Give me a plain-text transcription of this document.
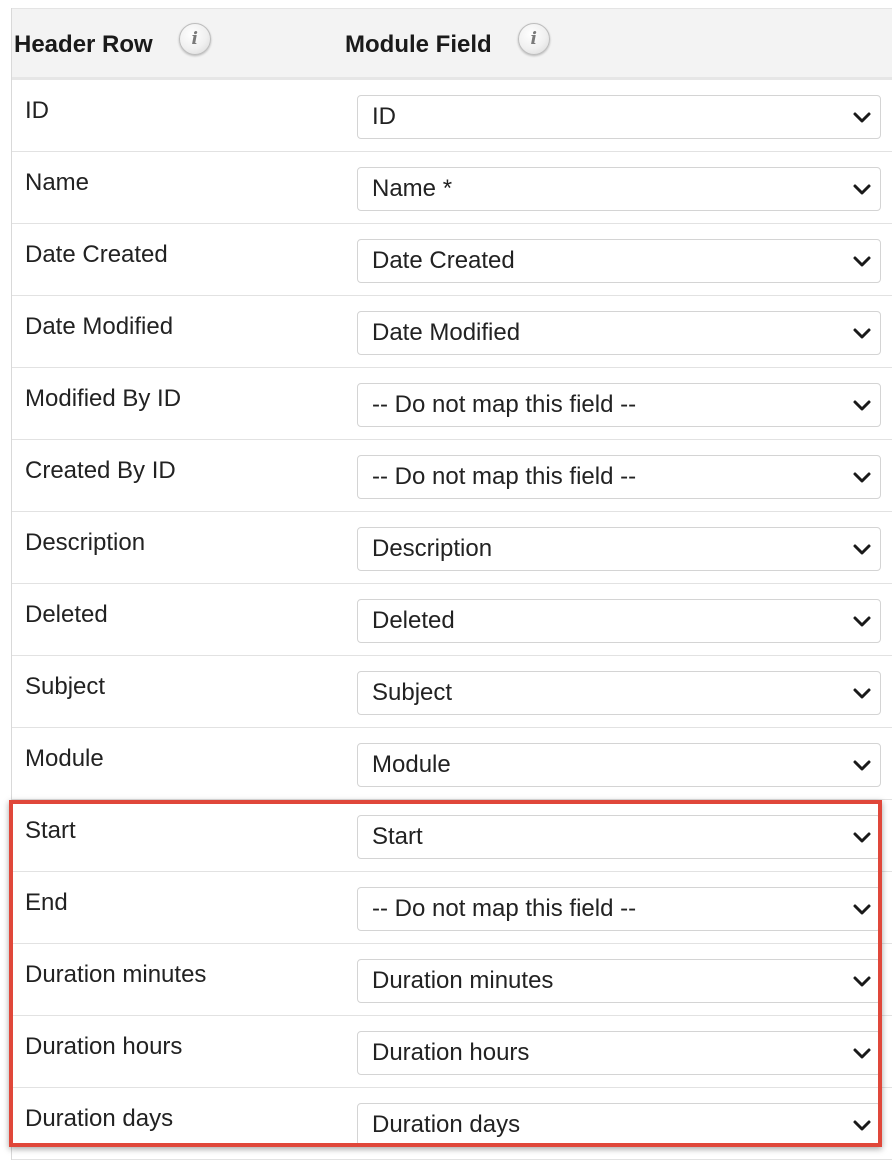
Header Row	i	Module Field	i
ID	ID
Name	Name *
Date Created	Date Created
Date Modified	Date Modified
Modified By ID	-- Do not map this field --
Created By ID	-- Do not map this field --
Description	Description
Deleted	Deleted
Subject	Subject
Module	Module
Start	Start
End	-- Do not map this field --
Duration minutes	Duration minutes
Duration hours	Duration hours
Duration days	Duration days
